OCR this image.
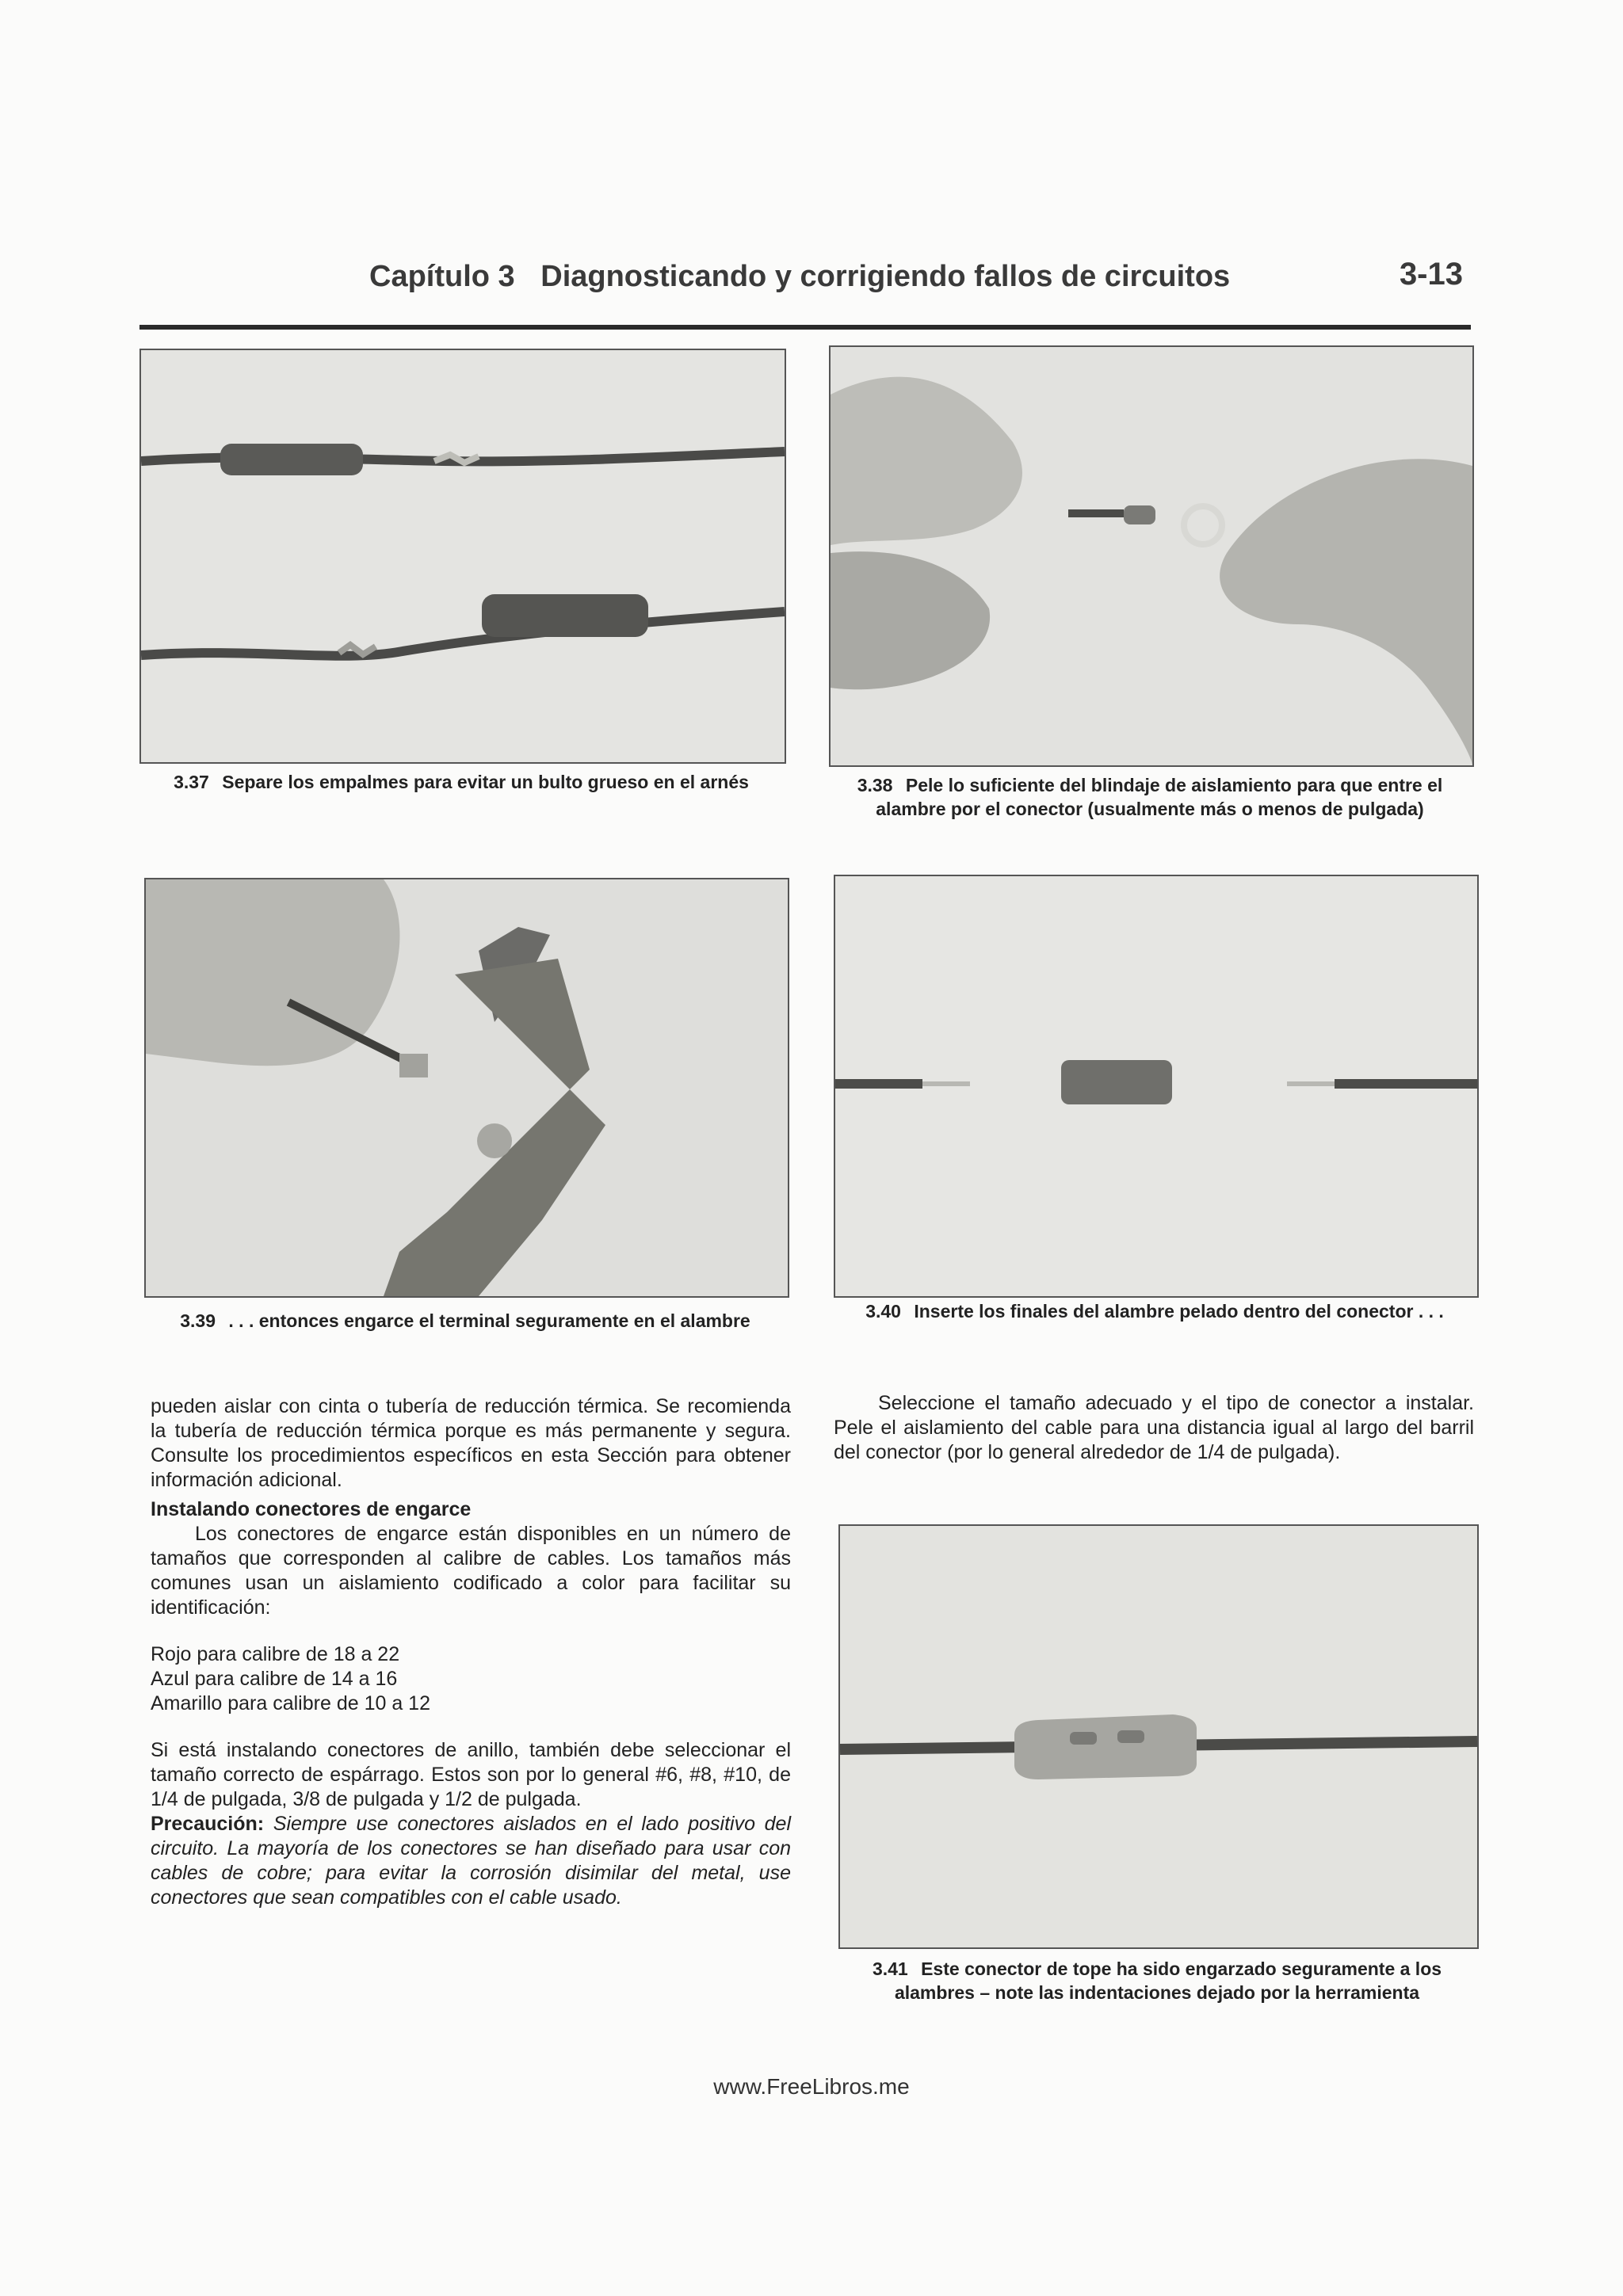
Capítulo 3 Diagnosticando y corrigiendo fallos de circuitos	3-13
3.37 Separe los empalmes para evitar un bulto grueso en el arnés	3.38 Pele lo suficiente del blindaje de aislamiento para que entre el alambre por el conector (usualmente más o menos de pulgada)
3.39 . . . entonces engarce el terminal seguramente en el alambre	3.40 Inserte los finales del alambre pelado dentro del conector . . .

pueden aislar con cinta o tubería de reducción térmica. Se recomienda la tubería de reducción térmica porque es más permanente y segura. Consulte los procedimientos específicos en esta Sección para obtener información adicional.

Instalando conectores de engarce

Los conectores de engarce están disponibles en un número de tamaños que corresponden al calibre de cables. Los tamaños más comunes usan un aislamiento codificado a color para facilitar su identificación:

Rojo para calibre de 18 a 22

Azul para calibre de 14 a 16

Amarillo para calibre de 10 a 12

Si está instalando conectores de anillo, también debe seleccionar el tamaño correcto de espárrago. Estos son por lo general #6, #8, #10, de 1/4 de pulgada, 3/8 de pulgada y 1/2 de pulgada.

Precaución: Siempre use conectores aislados en el lado positivo del circuito. La mayoría de los conectores se han diseñado para usar con cables de cobre; para evitar la corrosión disimilar del metal, use conectores que sean compatibles con el cable usado.

Seleccione el tamaño adecuado y el tipo de conector a instalar. Pele el aislamiento del cable para una distancia igual al largo del barril del conector (por lo general alrededor de 1/4 de pulgada).

3.41 Este conector de tope ha sido engarzado seguramente a los alambres – note las indentaciones dejado por la herramienta
www.FreeLibros.me
